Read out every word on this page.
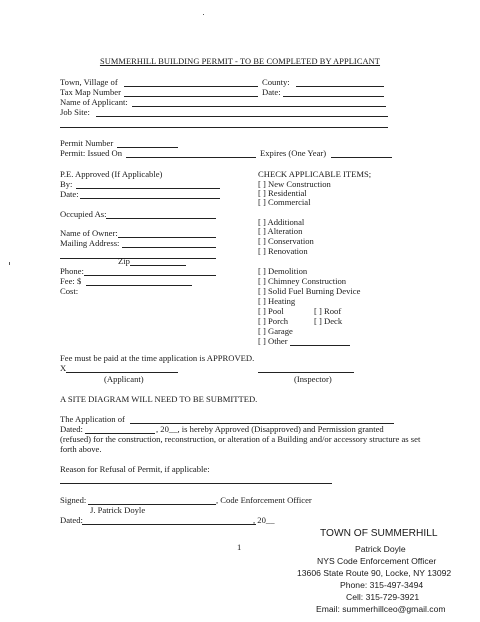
SUMMERHILL BUILDING PERMIT - TO BE COMPLETED BY APPLICANT
Town, Village of	County:
Tax Map Number	Date:
Name of Applicant:
Job Site:
Permit Number
Permit: Issued On	Expires (One Year)
P.E. Approved (If Applicable)
By:
Date:
Occupied As:
Name of Owner:
Mailing Address:
Zip
Phone:
Fee: $
Cost:
CHECK APPLICABLE ITEMS;
[ ] New Construction
[ ] Residential
[ ] Commercial
[ ] Additional
[ ] Alteration
[ ] Conservation
[ ] Renovation
[ ] Demolition
[ ] Chimney Construction
[ ] Solid Fuel Burning Device
[ ] Heating
[ ] Pool	[ ] Roof
[ ] Porch	[ ] Deck
[ ] Garage
[ ] Other
Fee must be paid at the time application is APPROVED.
X
(Applicant)	(Inspector)
A SITE DIAGRAM WILL NEED TO BE SUBMITTED.
The Application of
Dated:	, 20__, is hereby Approved (Disapproved) and Permission granted
(refused) for the construction, reconstruction, or alteration of a Building and/or accessory structure as set
forth above.
Reason for Refusal of Permit, if applicable:
Signed:	, Code Enforcement Officer
J. Patrick Doyle
Dated:	, 20__
1
TOWN OF SUMMERHILL
Patrick Doyle
NYS Code Enforcement Officer
13606 State Route 90, Locke, NY 13092
Phone: 315-497-3494
Cell: 315-729-3921
Email: summerhillceo@gmail.com
